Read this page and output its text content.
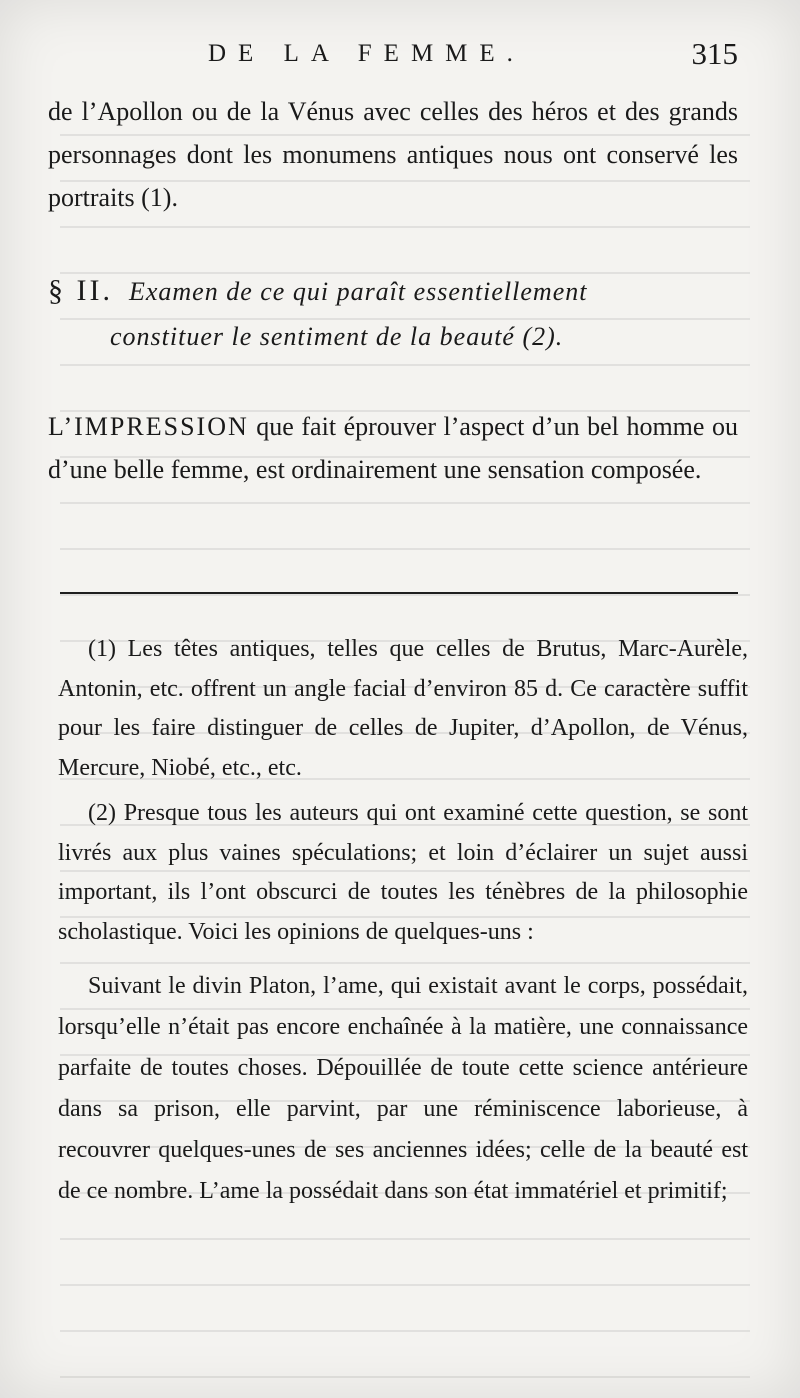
DE LA FEMME.	315

de l’Apollon ou de la Vénus avec celles des héros et des grands personnages dont les monumens antiques nous ont conservé les portraits (1).

§ II. Examen de ce qui paraît essentiellement
constituer le sentiment de la beauté (2).

L’IMPRESSION que fait éprouver l’aspect d’un bel homme ou d’une belle femme, est ordinairement une sensation composée.

(1) Les têtes antiques, telles que celles de Brutus, Marc-Aurèle, Antonin, etc. offrent un angle facial d’environ 85 d. Ce caractère suffit pour les faire distinguer de celles de Jupiter, d’Apollon, de Vénus, Mercure, Niobé, etc., etc.

(2) Presque tous les auteurs qui ont examiné cette question, se sont livrés aux plus vaines spéculations; et loin d’éclairer un sujet aussi important, ils l’ont obscurci de toutes les ténèbres de la philosophie scholastique. Voici les opinions de quelques-uns :

Suivant le divin Platon, l’ame, qui existait avant le corps, possédait, lorsqu’elle n’était pas encore enchaînée à la matière, une connaissance parfaite de toutes choses. Dépouillée de toute cette science antérieure dans sa prison, elle parvint, par une réminiscence laborieuse, à recouvrer quelques-unes de ses anciennes idées; celle de la beauté est de ce nombre. L’ame la possédait dans son état immatériel et primitif;
